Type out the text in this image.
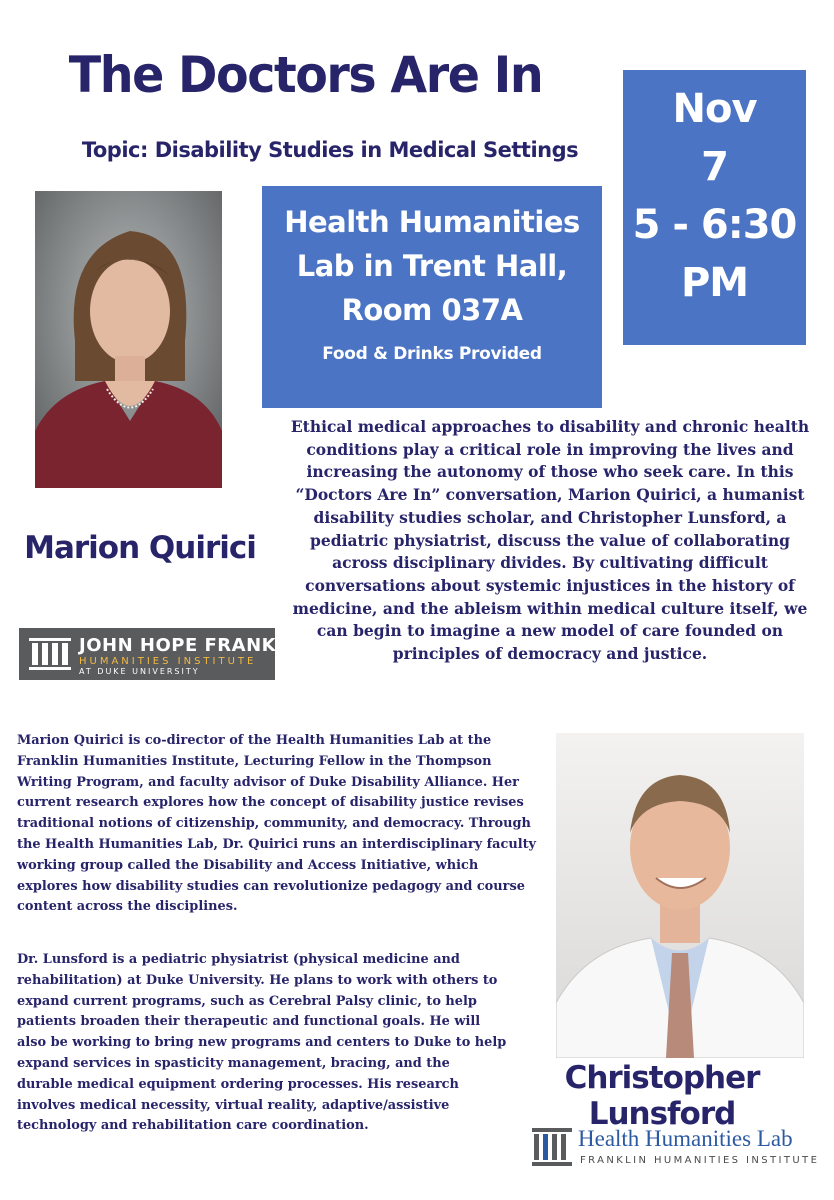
The Doctors Are In
Topic: Disability Studies in Medical Settings
Nov
7
5 - 6:30
PM
Health Humanities
Lab in Trent Hall,
Room 037A
Food & Drinks Provided
Marion Quirici
JOHN HOPE FRANKLIN
HUMANITIES INSTITUTE
AT DUKE UNIVERSITY
Ethical medical approaches to disability and chronic health conditions play a critical role in improving the lives and increasing the autonomy of those who seek care. In this “Doctors Are In” conversation, Marion Quirici, a humanist disability studies scholar, and Christopher Lunsford, a pediatric physiatrist, discuss the value of collaborating across disciplinary divides. By cultivating difficult conversations about systemic injustices in the history of medicine, and the ableism within medical culture itself, we can begin to imagine a new model of care founded on principles of democracy and justice.
Marion Quirici is co-director of the Health Humanities Lab at the Franklin Humanities Institute, Lecturing Fellow in the Thompson Writing Program, and faculty advisor of Duke Disability Alliance. Her current research explores how the concept of disability justice revises traditional notions of citizenship, community, and democracy. Through the Health Humanities Lab, Dr. Quirici runs an interdisciplinary faculty working group called the Disability and Access Initiative, which explores how disability studies can revolutionize pedagogy and course content across the disciplines.
Dr. Lunsford is a pediatric physiatrist (physical medicine and rehabilitation) at Duke University. He plans to work with others to expand current programs, such as Cerebral Palsy clinic, to help patients broaden their therapeutic and functional goals. He will also be working to bring new programs and centers to Duke to help expand services in spasticity management, bracing, and the durable medical equipment ordering processes. His research involves medical necessity, virtual reality, adaptive/assistive technology and rehabilitation care coordination.
Christopher Lunsford
Health Humanities Lab
FRANKLIN HUMANITIES INSTITUTE
